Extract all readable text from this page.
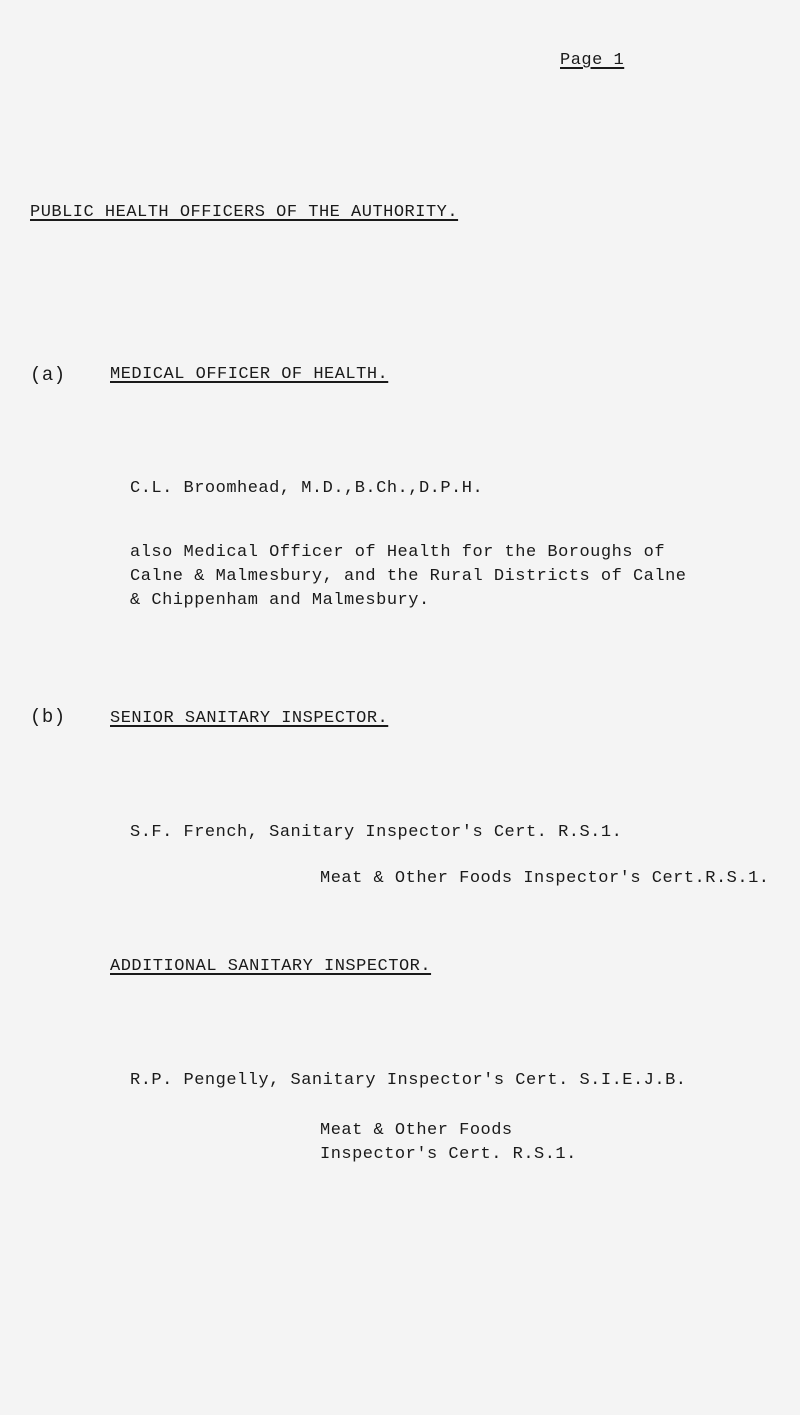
Page 1
PUBLIC HEALTH OFFICERS OF THE AUTHORITY.
(a)	MEDICAL OFFICER OF HEALTH.
C.L. Broomhead, M.D.,B.Ch.,D.P.H.
also Medical Officer of Health for the Boroughs of
Calne & Malmesbury, and the Rural Districts of Calne
& Chippenham and Malmesbury.
(b)	SENIOR SANITARY INSPECTOR.
S.F. French, Sanitary Inspector's Cert. R.S.1.
Meat & Other Foods Inspector's Cert.R.S.1.
ADDITIONAL SANITARY INSPECTOR.
R.P. Pengelly, Sanitary Inspector's Cert. S.I.E.J.B.
Meat & Other Foods
Inspector's Cert. R.S.1.
